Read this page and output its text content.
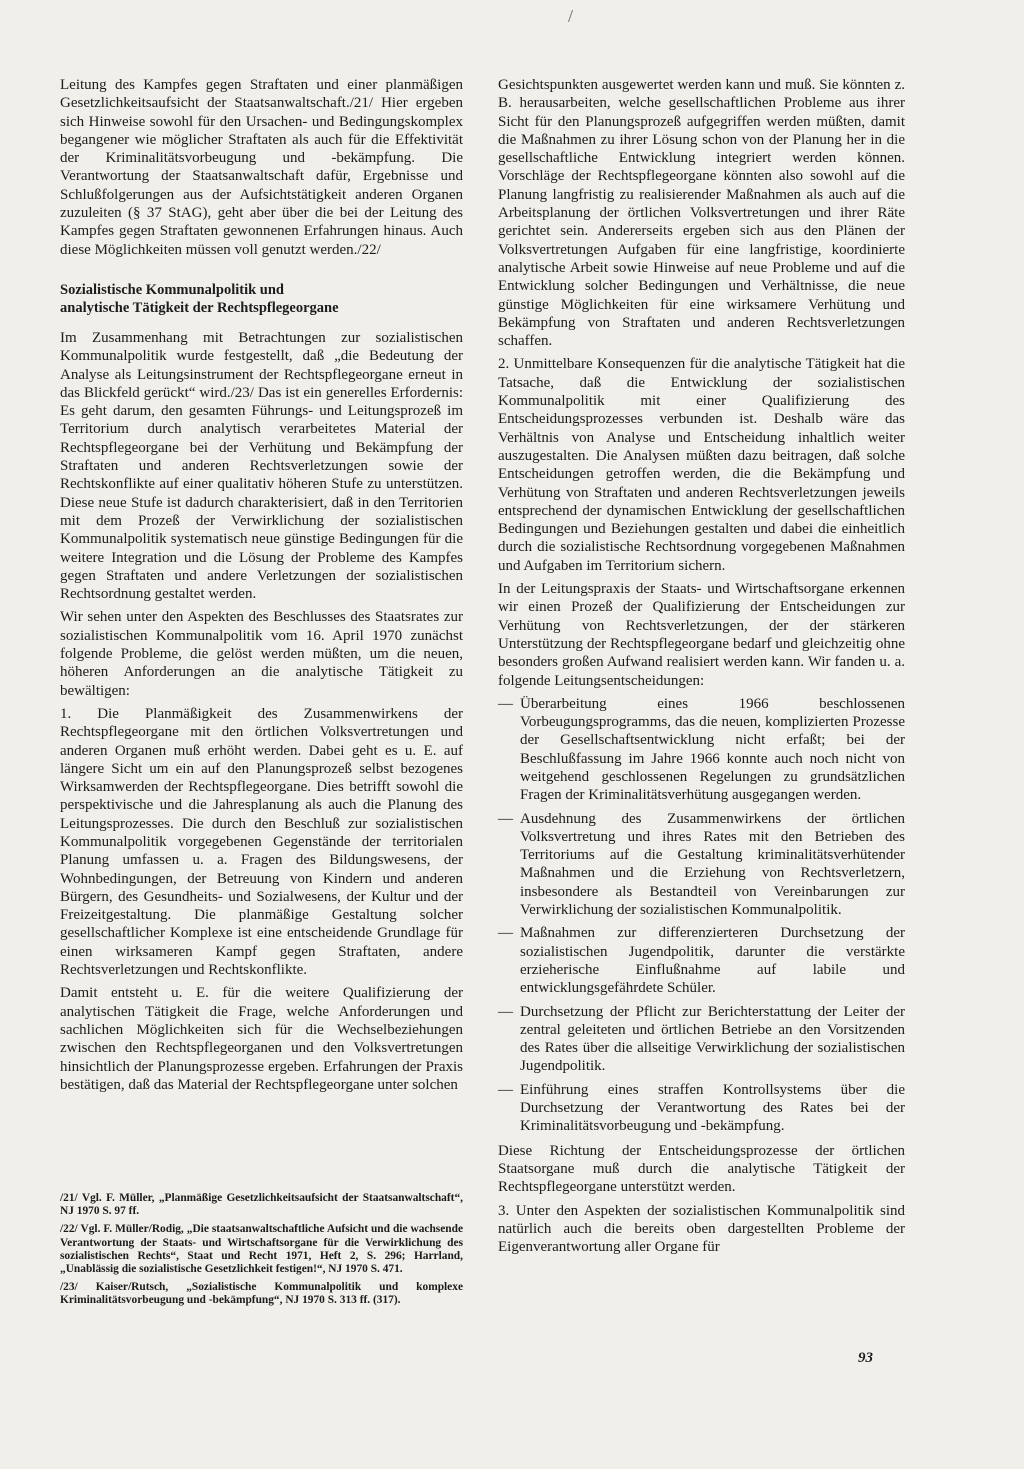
/

Leitung des Kampfes gegen Straftaten und einer planmäßigen Gesetzlichkeitsaufsicht der Staatsanwaltschaft./21/ Hier ergeben sich Hinweise sowohl für den Ursachen- und Bedingungskomplex begangener wie möglicher Straftaten als auch für die Effektivität der Kriminalitätsvorbeugung und -bekämpfung. Die Verantwortung der Staatsanwaltschaft dafür, Ergebnisse und Schlußfolgerungen aus der Aufsichtstätigkeit anderen Organen zuzuleiten (§ 37 StAG), geht aber über die bei der Leitung des Kampfes gegen Straftaten gewonnenen Erfahrungen hinaus. Auch diese Möglichkeiten müssen voll genutzt werden./22/

Sozialistische Kommunalpolitik und
analytische Tätigkeit der Rechtspflegeorgane

Im Zusammenhang mit Betrachtungen zur sozialistischen Kommunalpolitik wurde festgestellt, daß „die Bedeutung der Analyse als Leitungsinstrument der Rechtspflegeorgane erneut in das Blickfeld gerückt“ wird./23/ Das ist ein generelles Erfordernis: Es geht darum, den gesamten Führungs- und Leitungsprozeß im Territorium durch analytisch verarbeitetes Material der Rechtspflegeorgane bei der Verhütung und Bekämpfung der Straftaten und anderen Rechtsverletzungen sowie der Rechtskonflikte auf einer qualitativ höheren Stufe zu unterstützen. Diese neue Stufe ist dadurch charakterisiert, daß in den Territorien mit dem Prozeß der Verwirklichung der sozialistischen Kommunalpolitik systematisch neue günstige Bedingungen für die weitere Integration und die Lösung der Probleme des Kampfes gegen Straftaten und andere Verletzungen der sozialistischen Rechtsordnung gestaltet werden.

Wir sehen unter den Aspekten des Beschlusses des Staatsrates zur sozialistischen Kommunalpolitik vom 16. April 1970 zunächst folgende Probleme, die gelöst werden müßten, um die neuen, höheren Anforderungen an die analytische Tätigkeit zu bewältigen:

1. Die Planmäßigkeit des Zusammenwirkens der Rechtspflegeorgane mit den örtlichen Volksvertretungen und anderen Organen muß erhöht werden. Dabei geht es u. E. auf längere Sicht um ein auf den Planungsprozeß selbst bezogenes Wirksamwerden der Rechtspflegeorgane. Dies betrifft sowohl die perspektivische und die Jahresplanung als auch die Planung des Leitungsprozesses. Die durch den Beschluß zur sozialistischen Kommunalpolitik vorgegebenen Gegenstände der territorialen Planung umfassen u. a. Fragen des Bildungswesens, der Wohnbedingungen, der Betreuung von Kindern und anderen Bürgern, des Gesundheits- und Sozialwesens, der Kultur und der Freizeitgestaltung. Die planmäßige Gestaltung solcher gesellschaftlicher Komplexe ist eine entscheidende Grundlage für einen wirksameren Kampf gegen Straftaten, andere Rechtsverletzungen und Rechtskonflikte.

Damit entsteht u. E. für die weitere Qualifizierung der analytischen Tätigkeit die Frage, welche Anforderungen und sachlichen Möglichkeiten sich für die Wechselbeziehungen zwischen den Rechtspflegeorganen und den Volksvertretungen hinsichtlich der Planungsprozesse ergeben. Erfahrungen der Praxis bestätigen, daß das Material der Rechtspflegeorgane unter solchen

/21/ Vgl. F. Müller, „Planmäßige Gesetzlichkeitsaufsicht der Staatsanwaltschaft“, NJ 1970 S. 97 ff.

/22/ Vgl. F. Müller/Rodig, „Die staatsanwaltschaftliche Aufsicht und die wachsende Verantwortung der Staats- und Wirtschaftsorgane für die Verwirklichung des sozialistischen Rechts“, Staat und Recht 1971, Heft 2, S. 296; Harrland, „Unablässig die sozialistische Gesetzlichkeit festigen!“, NJ 1970 S. 471.

/23/ Kaiser/Rutsch, „Sozialistische Kommunalpolitik und komplexe Kriminalitätsvorbeugung und -bekämpfung“, NJ 1970 S. 313 ff. (317).

Gesichtspunkten ausgewertet werden kann und muß. Sie könnten z. B. herausarbeiten, welche gesellschaftlichen Probleme aus ihrer Sicht für den Planungsprozeß aufgegriffen werden müßten, damit die Maßnahmen zu ihrer Lösung schon von der Planung her in die gesellschaftliche Entwicklung integriert werden können. Vorschläge der Rechtspflegeorgane könnten also sowohl auf die Planung langfristig zu realisierender Maßnahmen als auch auf die Arbeitsplanung der örtlichen Volksvertretungen und ihrer Räte gerichtet sein. Andererseits ergeben sich aus den Plänen der Volksvertretungen Aufgaben für eine langfristige, koordinierte analytische Arbeit sowie Hinweise auf neue Probleme und auf die Entwicklung solcher Bedingungen und Verhältnisse, die neue günstige Möglichkeiten für eine wirksamere Verhütung und Bekämpfung von Straftaten und anderen Rechtsverletzungen schaffen.

2. Unmittelbare Konsequenzen für die analytische Tätigkeit hat die Tatsache, daß die Entwicklung der sozialistischen Kommunalpolitik mit einer Qualifizierung des Entscheidungsprozesses verbunden ist. Deshalb wäre das Verhältnis von Analyse und Entscheidung inhaltlich weiter auszugestalten. Die Analysen müßten dazu beitragen, daß solche Entscheidungen getroffen werden, die die Bekämpfung und Verhütung von Straftaten und anderen Rechtsverletzungen jeweils entsprechend der dynamischen Entwicklung der gesellschaftlichen Bedingungen und Beziehungen gestalten und dabei die einheitlich durch die sozialistische Rechtsordnung vorgegebenen Maßnahmen und Aufgaben im Territorium sichern.

In der Leitungspraxis der Staats- und Wirtschaftsorgane erkennen wir einen Prozeß der Qualifizierung der Entscheidungen zur Verhütung von Rechtsverletzungen, der der stärkeren Unterstützung der Rechtspflegeorgane bedarf und gleichzeitig ohne besonders großen Aufwand realisiert werden kann. Wir fanden u. a. folgende Leitungsentscheidungen:

— Überarbeitung eines 1966 beschlossenen Vorbeugungsprogramms, das die neuen, komplizierten Prozesse der Gesellschaftsentwicklung nicht erfaßt; bei der Beschlußfassung im Jahre 1966 konnte auch noch nicht von weitgehend geschlossenen Regelungen zu grundsätzlichen Fragen der Kriminalitätsverhütung ausgegangen werden.
— Ausdehnung des Zusammenwirkens der örtlichen Volksvertretung und ihres Rates mit den Betrieben des Territoriums auf die Gestaltung kriminalitätsverhütender Maßnahmen und die Erziehung von Rechtsverletzern, insbesondere als Bestandteil von Vereinbarungen zur Verwirklichung der sozialistischen Kommunalpolitik.
— Maßnahmen zur differenzierteren Durchsetzung der sozialistischen Jugendpolitik, darunter die verstärkte erzieherische Einflußnahme auf labile und entwicklungsgefährdete Schüler.
— Durchsetzung der Pflicht zur Berichterstattung der Leiter der zentral geleiteten und örtlichen Betriebe an den Vorsitzenden des Rates über die allseitige Verwirklichung der sozialistischen Jugendpolitik.
— Einführung eines straffen Kontrollsystems über die Durchsetzung der Verantwortung des Rates bei der Kriminalitätsvorbeugung und -bekämpfung.

Diese Richtung der Entscheidungsprozesse der örtlichen Staatsorgane muß durch die analytische Tätigkeit der Rechtspflegeorgane unterstützt werden.

3. Unter den Aspekten der sozialistischen Kommunalpolitik sind natürlich auch die bereits oben dargestellten Probleme der Eigenverantwortung aller Organe für

93
